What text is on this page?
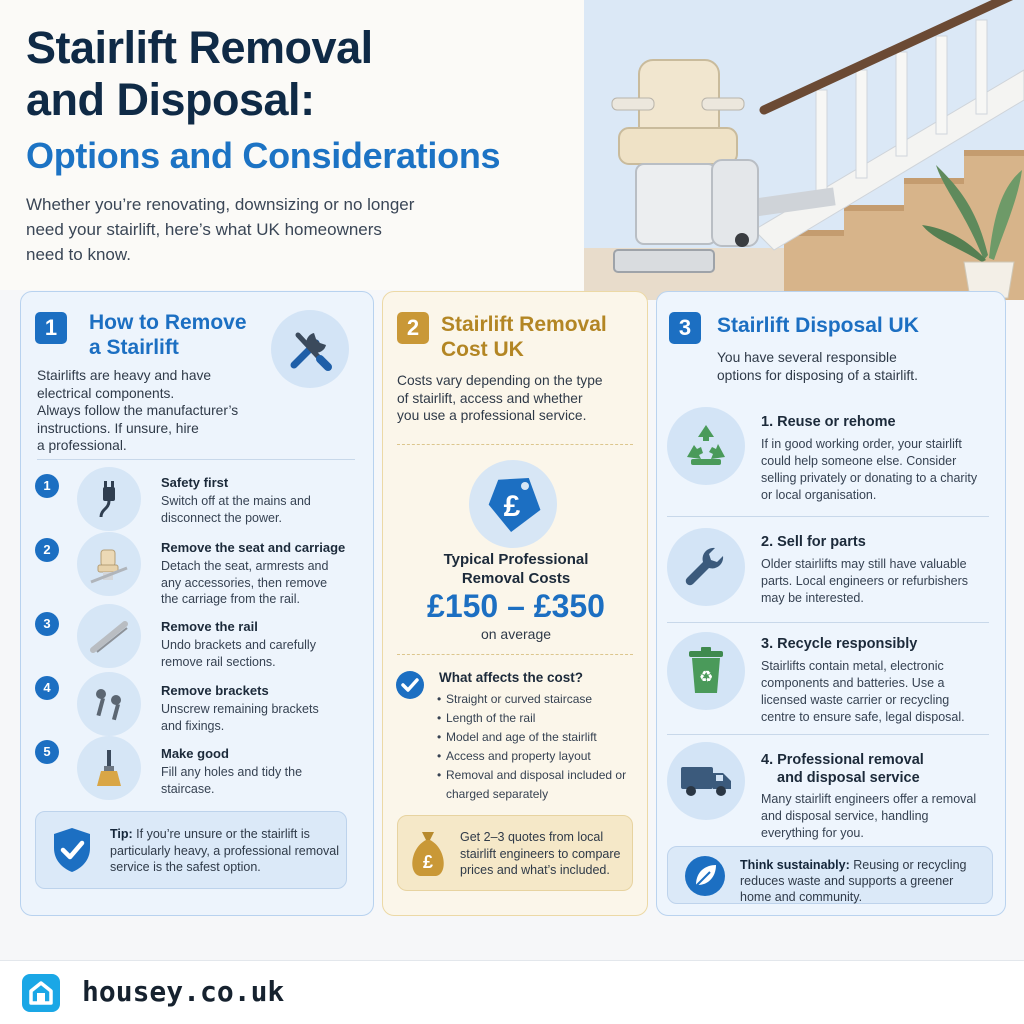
Stairlift Removal
and Disposal:
Options and Considerations
Whether you’re renovating, downsizing or no longer
need your stairlift, here’s what UK homeowners
need to know.
1	How to Remove
a Stairlift
Stairlifts are heavy and have
electrical components.
Always follow the manufacturer’s
instructions. If unsure, hire
a professional.
1	Safety first
Switch off at the mains and disconnect the power.
2	Remove the seat and carriage
Detach the seat, armrests and any accessories, then remove the carriage from the rail.
3	Remove the rail
Undo brackets and carefully remove rail sections.
4	Remove brackets
Unscrew remaining brackets and fixings.
5	Make good
Fill any holes and tidy the staircase.
Tip: If you’re unsure or the stairlift is particularly heavy, a professional removal service is the safest option.
2	Stairlift Removal
Cost UK
Costs vary depending on the type
of stairlift, access and whether
you use a professional service.
£
Typical Professional
Removal Costs
£150 – £350
on average
What affects the cost?
• Straight or curved staircase
• Length of the rail
• Model and age of the stairlift
• Access and property layout
• Removal and disposal included or charged separately
£
Get 2–3 quotes from local stairlift engineers to compare prices and what’s included.
3	Stairlift Disposal UK
You have several responsible
options for disposing of a stairlift.
1. Reuse or rehome
If in good working order, your stairlift could help someone else. Consider selling privately or donating to a charity or local organisation.
2. Sell for parts
Older stairlifts may still have valuable parts. Local engineers or refurbishers may be interested.
♻
3. Recycle responsibly
Stairlifts contain metal, electronic components and batteries. Use a licensed waste carrier or recycling centre to ensure safe, legal disposal.
4. Professional removal
and disposal service
Many stairlift engineers offer a removal and disposal service, handling everything for you.
Think sustainably: Reusing or recycling reduces waste and supports a greener home and community.
housey.co.uk
